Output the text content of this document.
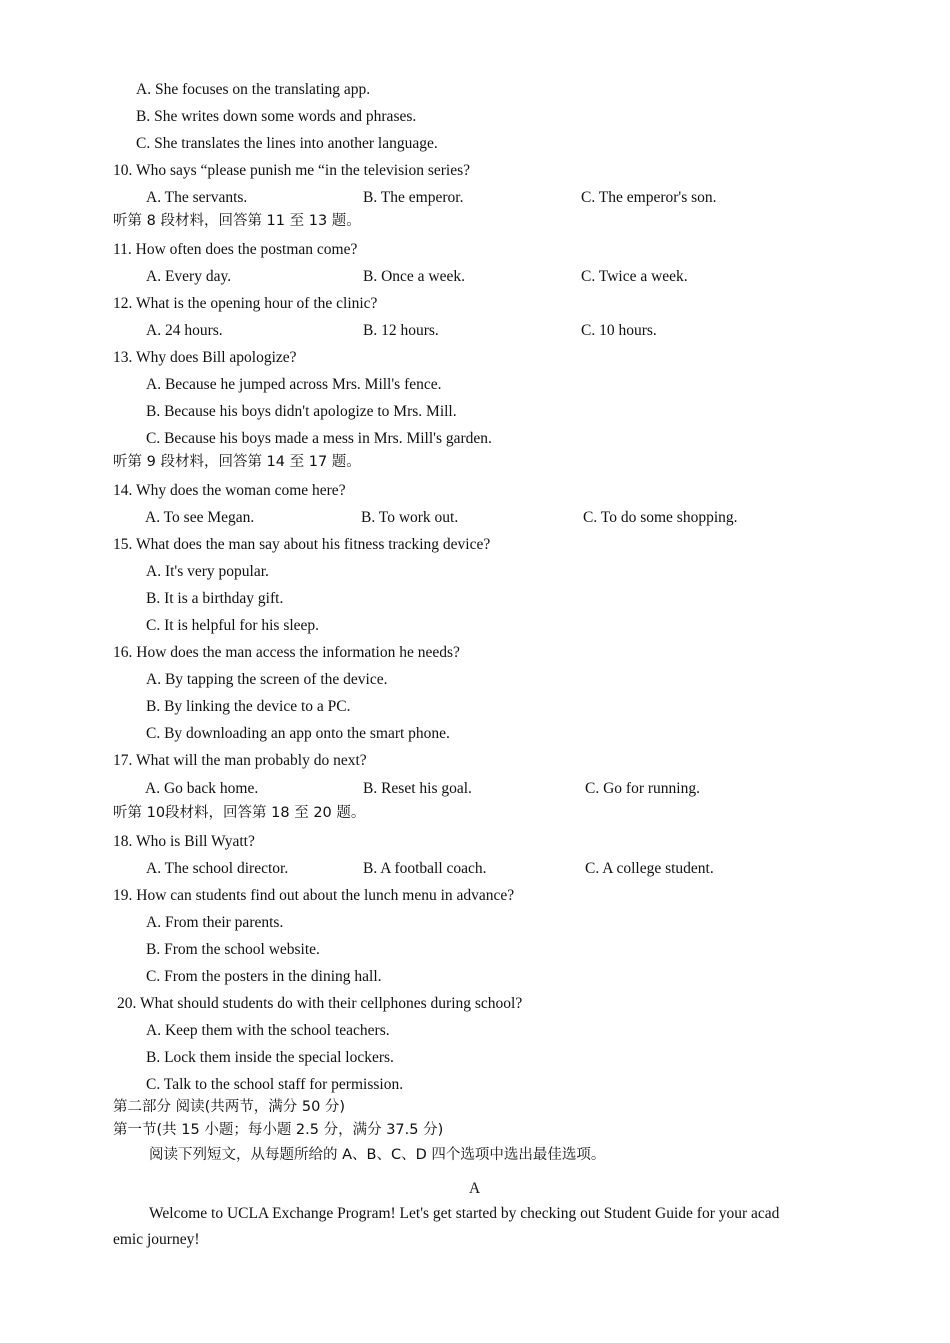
A. She focuses on the translating app.
B. She writes down some words and phrases.
C. She translates the lines into another language.
10. Who says “please punish me “in the television series?
A. The servants.	B. The emperor.	C. The emperor's son.
听第 8 段材料，回答第 11 至 13 题。
11. How often does the postman come?
A. Every day.	B. Once a week.	C. Twice a week.
12. What is the opening hour of the clinic?
A. 24 hours.	B. 12 hours.	C. 10 hours.
13. Why does Bill apologize?
A. Because he jumped across Mrs. Mill's fence.
B. Because his boys didn't apologize to Mrs. Mill.
C. Because his boys made a mess in Mrs. Mill's garden.
听第 9 段材料，回答第 14 至 17 题。
14. Why does the woman come here?
A. To see Megan.	B. To work out.	C. To do some shopping.
15. What does the man say about his fitness tracking device?
A. It's very popular.
B. It is a birthday gift.
C. It is helpful for his sleep.
16. How does the man access the information he needs?
A. By tapping the screen of the device.
B. By linking the device to a PC.
C. By downloading an app onto the smart phone.
17. What will the man probably do next?
A. Go back home.	B. Reset his goal.	C. Go for running.
听第 10段材料，回答第 18 至 20 题。
18. Who is Bill Wyatt?
A. The school director.	B. A football coach.	C. A college student.
19. How can students find out about the lunch menu in advance?
A. From their parents.
B. From the school website.
C. From the posters in the dining hall.
20. What should students do with their cellphones during school?
A. Keep them with the school teachers.
B. Lock them inside the special lockers.
C. Talk to the school staff for permission.
第二部分 阅读(共两节，满分 50 分)
第一节(共 15 小题；每小题 2.5 分，满分 37.5 分)
阅读下列短文，从每题所给的 A、B、C、D 四个选项中选出最佳选项。
A
Welcome to UCLA Exchange Program! Let's get started by checking out Student Guide for your acad
emic journey!
